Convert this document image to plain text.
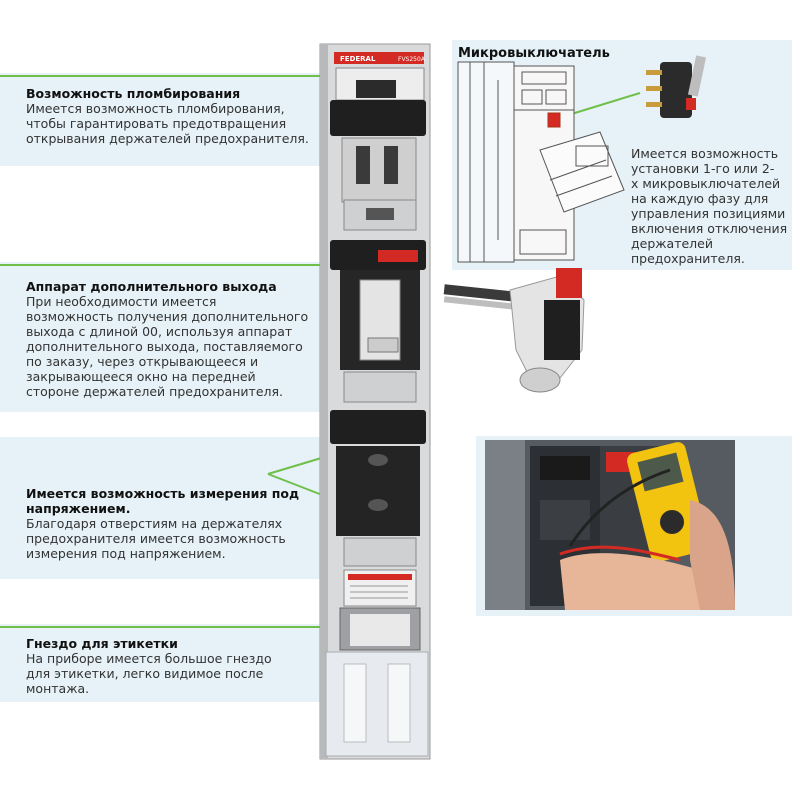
Возможность пломбирования
Имеется возможность пломбирования,
чтобы гарантировать предотвращения
открывания держателей предохранителя.
Аппарат дополнительного выхода
При необходимости имеется
возможность получения дополнительного
выхода с длиной 00, используя аппарат
дополнительного выхода, поставляемого
по заказу, через открывающееся и
закрывающееся окно на передней
стороне держателей предохранителя.
Имеется возможность измерения под
напряжением.
Благодаря отверстиям на держателях
предохранителя имеется возможность
измерения под напряжением.
Гнездо для этикетки
На приборе имеется большое гнездо
для этикетки, легко видимое после
монтажа.
Микровыключатель
Имеется возможность
установки 1-го или 2-
х микровыключателей
на каждую фазу для
управления позициями
включения отключения
держателей
предохранителя.
FEDERAL	FVS250A
